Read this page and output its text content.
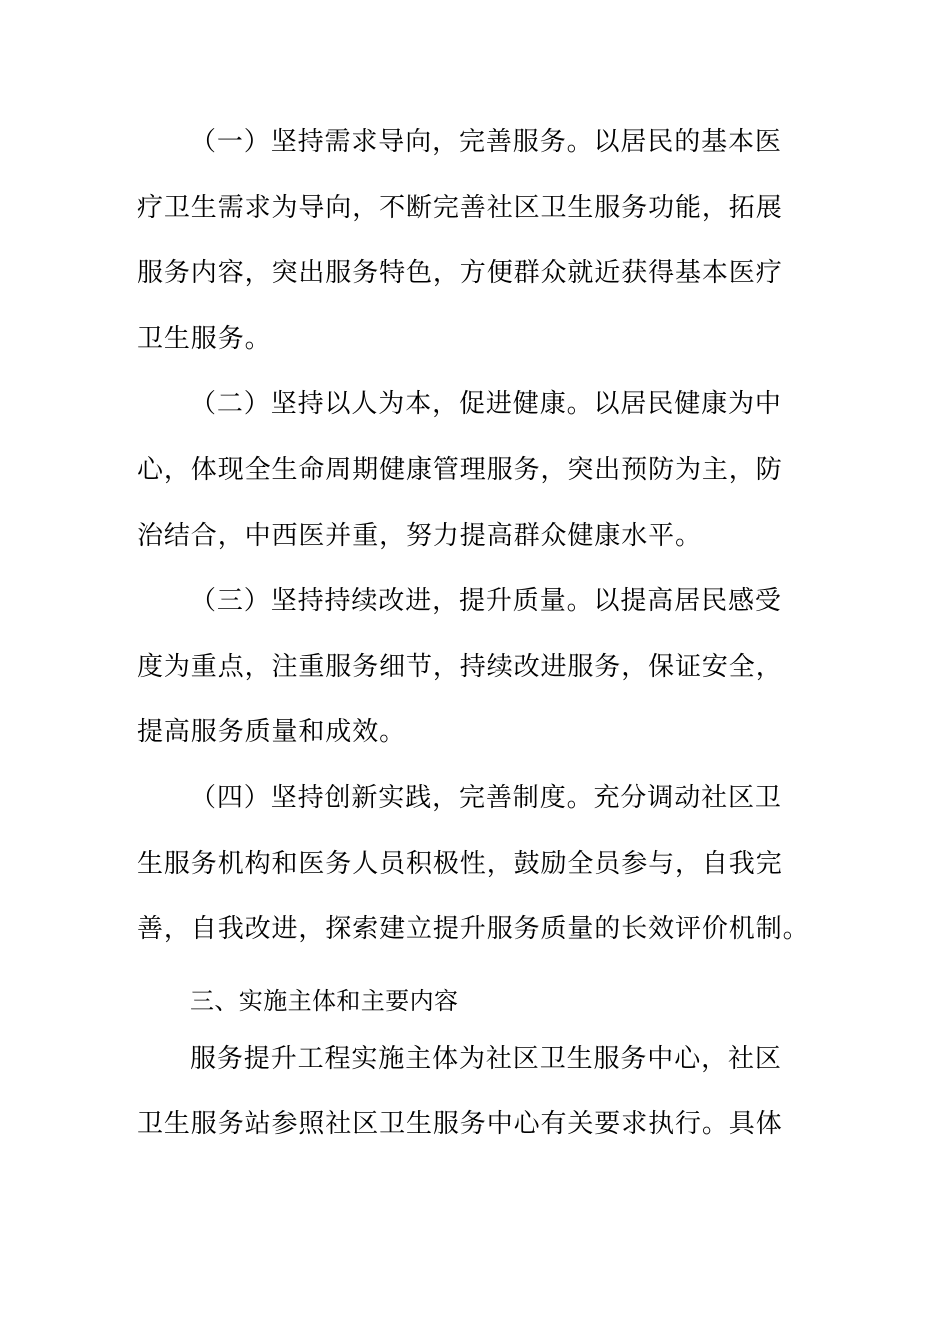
（一）坚持需求导向，完善服务。以居民的基本医
疗卫生需求为导向，不断完善社区卫生服务功能，拓展
服务内容，突出服务特色，方便群众就近获得基本医疗
卫生服务。
（二）坚持以人为本，促进健康。以居民健康为中
心，体现全生命周期健康管理服务，突出预防为主，防
治结合，中西医并重，努力提高群众健康水平。
（三）坚持持续改进，提升质量。以提高居民感受
度为重点，注重服务细节，持续改进服务，保证安全，
提高服务质量和成效。
（四）坚持创新实践，完善制度。充分调动社区卫
生服务机构和医务人员积极性，鼓励全员参与，自我完
善，自我改进，探索建立提升服务质量的长效评价机制。
三、实施主体和主要内容
服务提升工程实施主体为社区卫生服务中心，社区
卫生服务站参照社区卫生服务中心有关要求执行。具体
